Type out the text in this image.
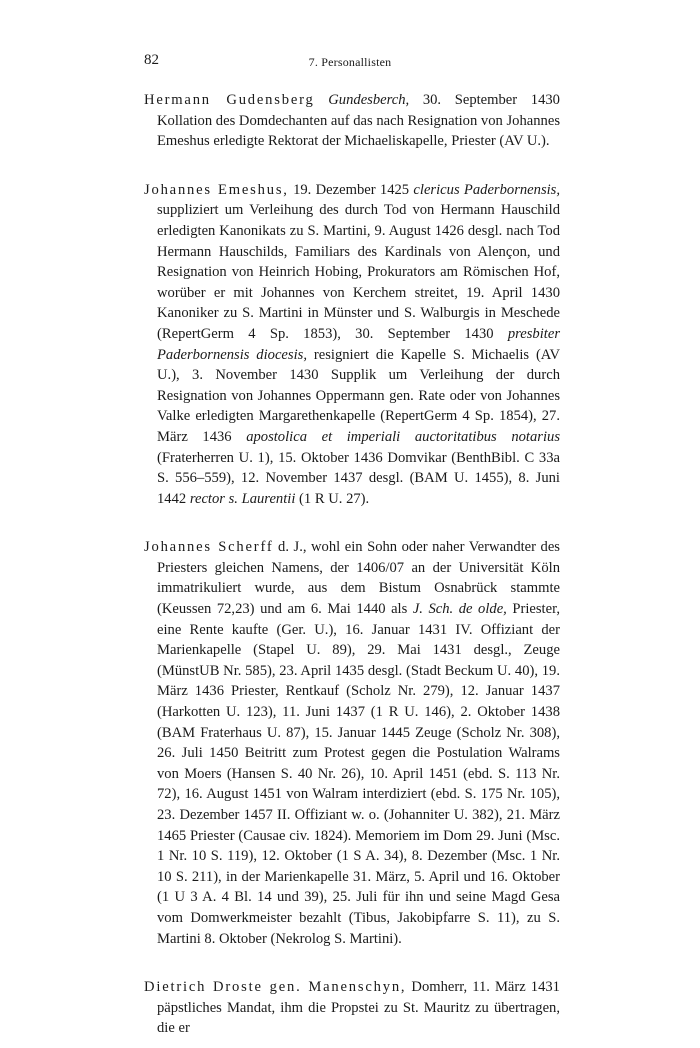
82	7. Personallisten

Hermann Gudensberg Gundesberch, 30. September 1430 Kollation des Domdechanten auf das nach Resignation von Johannes Emeshus erledigte Rektorat der Michaeliskapelle, Priester (AV U.).

Johannes Emeshus, 19. Dezember 1425 clericus Paderbornensis, suppliziert um Verleihung des durch Tod von Hermann Hauschild erledigten Kanonikats zu S. Martini, 9. August 1426 desgl. nach Tod Hermann Hauschilds, Familiars des Kardinals von Alençon, und Resignation von Heinrich Hobing, Prokurators am Römischen Hof, worüber er mit Johannes von Kerchem streitet, 19. April 1430 Kanoniker zu S. Martini in Münster und S. Walburgis in Meschede (RepertGerm 4 Sp. 1853), 30. September 1430 presbiter Paderbornensis diocesis, resigniert die Kapelle S. Michaelis (AV U.), 3. November 1430 Supplik um Verleihung der durch Resignation von Johannes Oppermann gen. Rate oder von Johannes Valke erledigten Margarethenkapelle (RepertGerm 4 Sp. 1854), 27. März 1436 apostolica et imperiali auctoritatibus notarius (Fraterherren U. 1), 15. Oktober 1436 Domvikar (BenthBibl. C 33a S. 556–559), 12. November 1437 desgl. (BAM U. 1455), 8. Juni 1442 rector s. Laurentii (1 R U. 27).

Johannes Scherff d. J., wohl ein Sohn oder naher Verwandter des Priesters gleichen Namens, der 1406/07 an der Universität Köln immatrikuliert wurde, aus dem Bistum Osnabrück stammte (Keussen 72,23) und am 6. Mai 1440 als J. Sch. de olde, Priester, eine Rente kaufte (Ger. U.), 16. Januar 1431 IV. Offiziant der Marienkapelle (Stapel U. 89), 29. Mai 1431 desgl., Zeuge (MünstUB Nr. 585), 23. April 1435 desgl. (Stadt Beckum U. 40), 19. März 1436 Priester, Rentkauf (Scholz Nr. 279), 12. Januar 1437 (Harkotten U. 123), 11. Juni 1437 (1 R U. 146), 2. Oktober 1438 (BAM Fraterhaus U. 87), 15. Januar 1445 Zeuge (Scholz Nr. 308), 26. Juli 1450 Beitritt zum Protest gegen die Postulation Walrams von Moers (Hansen S. 40 Nr. 26), 10. April 1451 (ebd. S. 113 Nr. 72), 16. August 1451 von Walram interdiziert (ebd. S. 175 Nr. 105), 23. Dezember 1457 II. Offiziant w. o. (Johanniter U. 382), 21. März 1465 Priester (Causae civ. 1824). Memoriem im Dom 29. Juni (Msc. 1 Nr. 10 S. 119), 12. Oktober (1 S A. 34), 8. Dezember (Msc. 1 Nr. 10 S. 211), in der Marienkapelle 31. März, 5. April und 16. Oktober (1 U 3 A. 4 Bl. 14 und 39), 25. Juli für ihn und seine Magd Gesa vom Domwerkmeister bezahlt (Tibus, Jakobipfarre S. 11), zu S. Martini 8. Oktober (Nekrolog S. Martini).

Dietrich Droste gen. Manenschyn, Domherr, 11. März 1431 päpstliches Mandat, ihm die Propstei zu St. Mauritz zu übertragen, die er
